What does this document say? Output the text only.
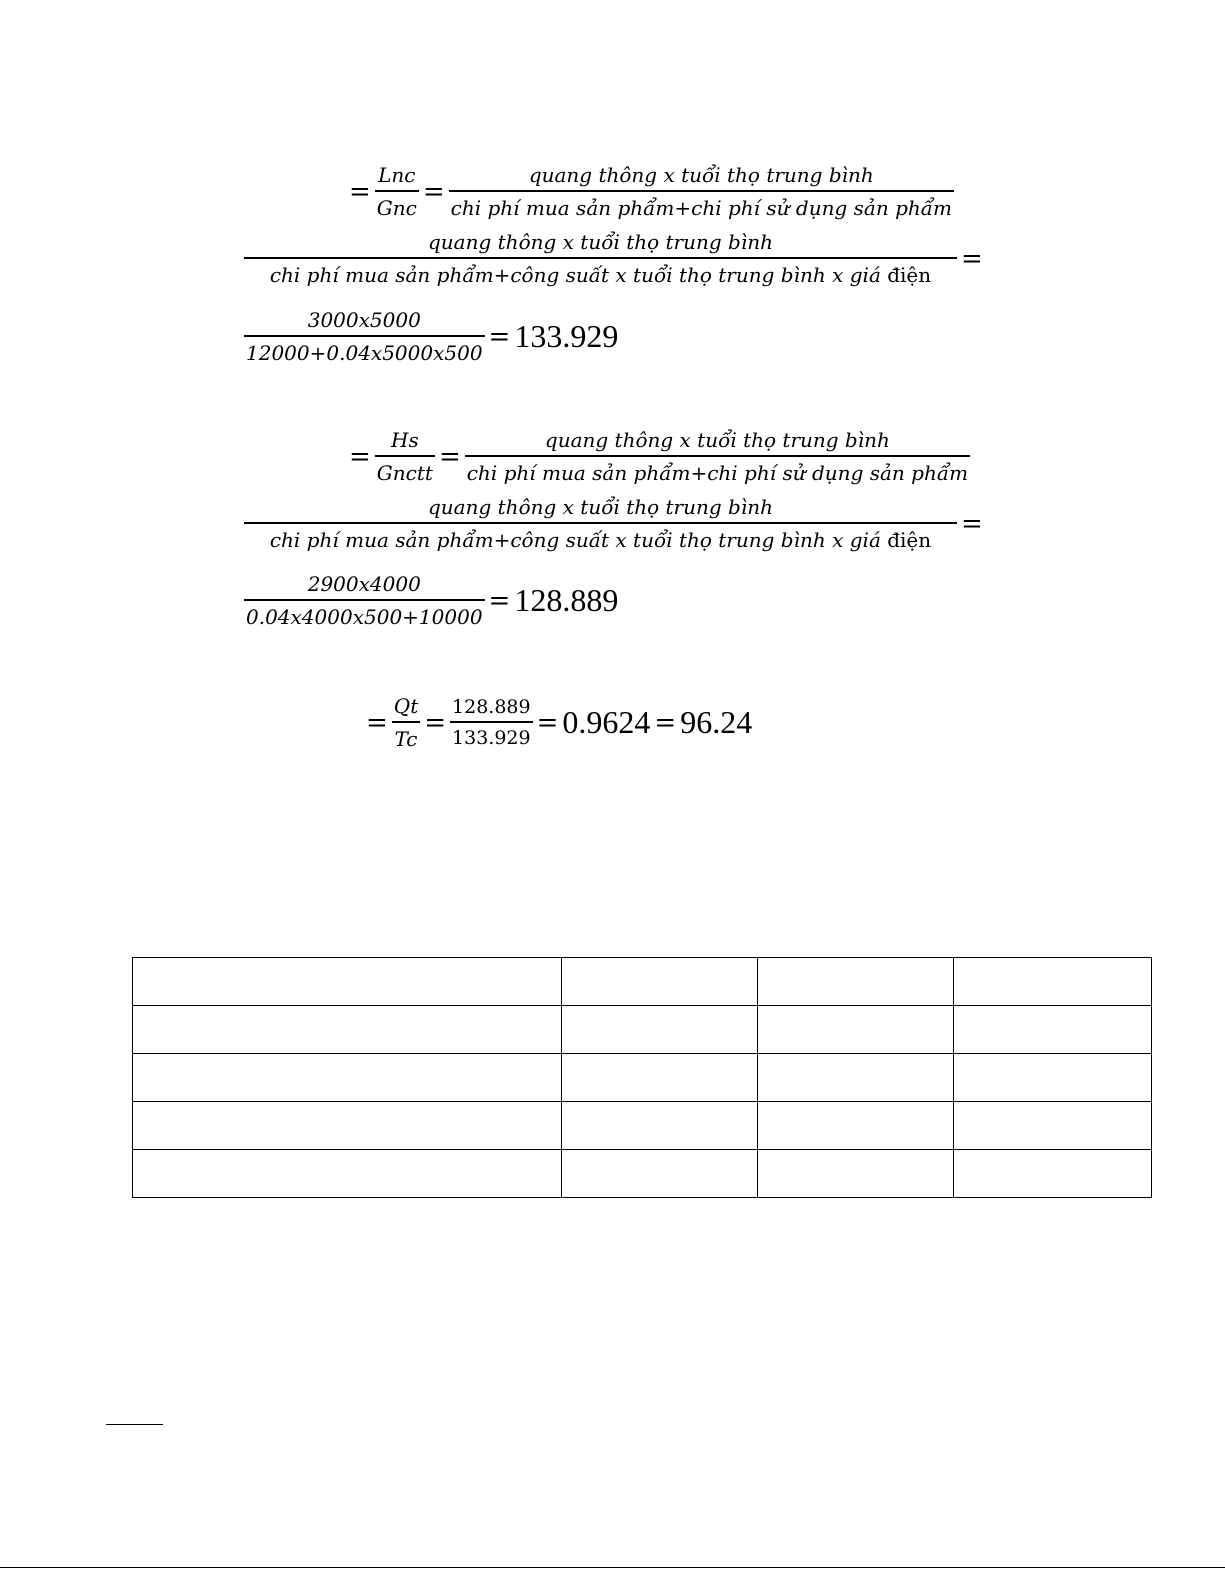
= $\frac{\text{Lnc}}{\text{Gnc}} = \frac{\text{quang thông x tuổi thọ trung bình}}{\text{chi phí mua sản phẩm+chi phí sử dụng sản phẩm}}$
quang thông x tuổi thọ trung bình
chi phí mua sản phẩm+công suất x tuổi thọ trung bình x giá điện
=
$\frac{3000x5000}{12000+0.04x5000x500} = 133.929$
= $\frac{Hs}{\text{Gnctt}} = \frac{\text{quang thông x tuổi thọ trung bình}}{\text{chi phí mua sản phẩm+chi phí sử dụng sản phẩm}}$
quang thông x tuổi thọ trung bình
chi phí mua sản phẩm+công suất x tuổi thọ trung bình x giá điện
=
$\frac{2900x4000}{0.04x4000x500+10000} = 128.889$
= $\frac{Qt}{Tc} = \frac{128.889}{133.929} = 0.9624 = 96.24$
